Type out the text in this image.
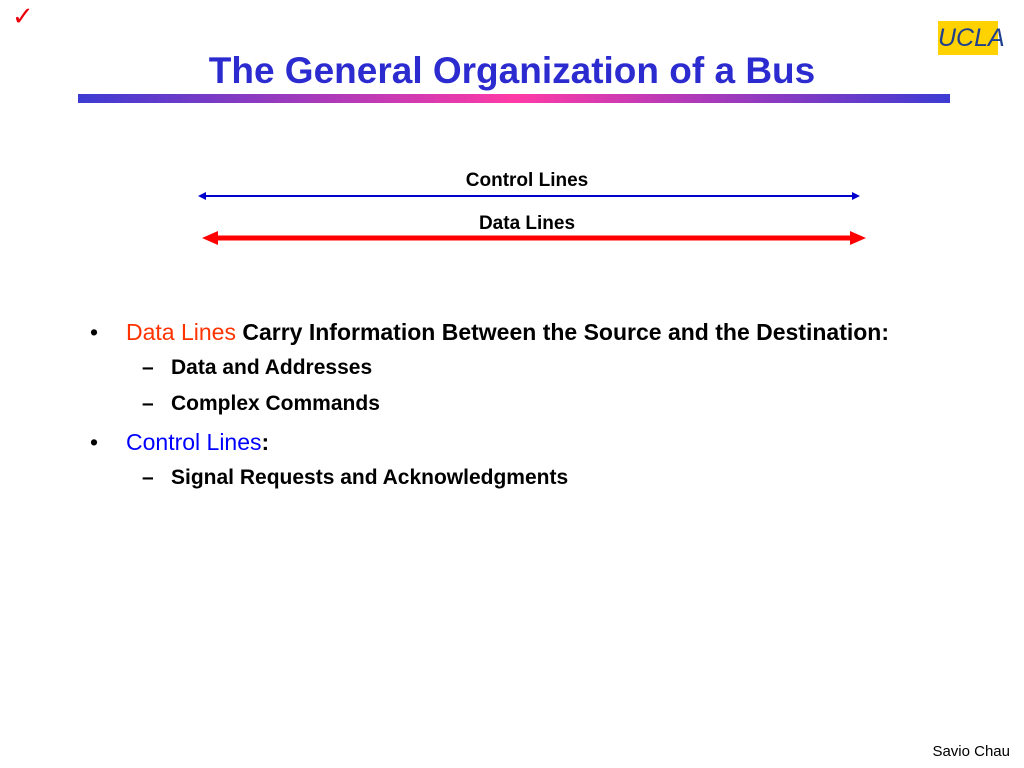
✓
UCLA
The General Organization of a Bus
Control Lines
Data Lines
• Data Lines Carry Information Between the Source and the Destination:
– Data and Addresses
– Complex Commands
• Control Lines:
– Signal Requests and Acknowledgments
Savio Chau
